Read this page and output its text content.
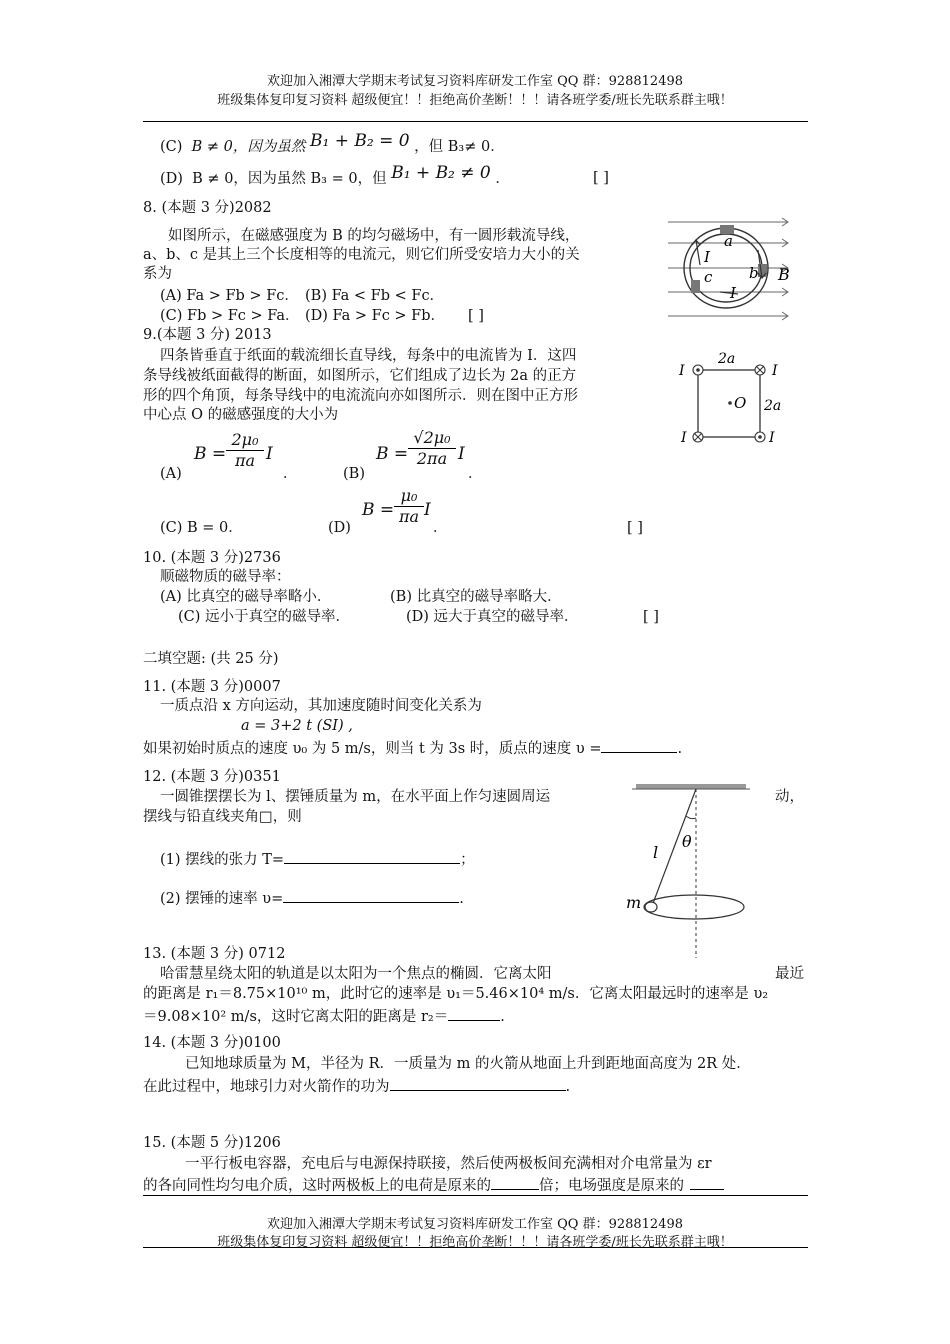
欢迎加入湘潭大学期末考试复习资料库研发工作室 QQ 群：928812498
班级集体复印复习资料 超级便宜！！拒绝高价垄断！！！请各班学委/班长先联系群主哦！
(C) B ≠ 0，因为虽然 B₁ + B₂ = 0 ，但 B₃≠ 0．
(D) B ≠ 0，因为虽然 B₃ = 0，但 B₁ + B₂ ≠ 0 ．	[ ]
8. (本题 3 分)2082
如图所示，在磁感强度为 B 的均匀磁场中，有一圆形载流导线，
a、b、c 是其上三个长度相等的电流元，则它们所受安培力大小的关
系为
(A) Fa > Fb > Fc． (B) Fa < Fb < Fc．
(C) Fb > Fc > Fa． (D) Fa > Fc > Fb． [ ]
a
b
c
I
I
B
9.(本题 3 分) 2013
四条皆垂直于纸面的载流细长直导线，每条中的电流皆为 I．这四
条导线被纸面截得的断面，如图所示，它们组成了边长为 2a 的正方
形的四个角顶，每条导线中的电流流向亦如图所示．则在图中正方形
中心点 O 的磁感强度的大小为
(A)
$B = \frac{\text{2μ₀}}{\pi a}$ I
．	(B)
$B = \frac{\text{√2μ₀}}{2\pi a}$ I
．
(C) B = 0．	(D)
$B = \frac{\text{μ₀}}{\pi a}$ I
．	[ ]
O
2a
2a
I	I
I	I
10. (本题 3 分)2736
顺磁物质的磁导率：
(A) 比真空的磁导率略小．	(B) 比真空的磁导率略大．
(C) 远小于真空的磁导率．	(D) 远大于真空的磁导率．	[ ]
二填空题: (共 25 分)
11. (本题 3 分)0007
一质点沿 x 方向运动，其加速度随时间变化关系为
a = 3+2 t (SI) ,
如果初始时质点的速度 υ₀ 为 5 m/s，则当 t 为 3s 时，质点的速度 υ =	.
12. (本题 3 分)0351
一圆锥摆摆长为 l、摆锤质量为 m，在水平面上作匀速圆周运	动，
摆线与铅直线夹角□，则
(1) 摆线的张力 T=	；
(2) 摆锤的速率 υ=	.
l
θ
m
13. (本题 3 分) 0712
哈雷慧星绕太阳的轨道是以太阳为一个焦点的椭圆．它离太阳	最近
的距离是 r₁＝8.75×10¹⁰ m，此时它的速率是 υ₁＝5.46×10⁴ m/s．它离太阳最远时的速率是 υ₂
＝9.08×10² m/s，这时它离太阳的距离是 r₂＝	.
14. (本题 3 分)0100
已知地球质量为 M，半径为 R．一质量为 m 的火箭从地面上升到距地面高度为 2R 处．
在此过程中，地球引力对火箭作的功为	.
15. (本题 5 分)1206
一平行板电容器，充电后与电源保持联接，然后使两极板间充满相对介电常量为 εr
的各向同性均匀电介质，这时两极板上的电荷是原来的	倍；电场强度是原来的
欢迎加入湘潭大学期末考试复习资料库研发工作室 QQ 群：928812498
班级集体复印复习资料 超级便宜！！拒绝高价垄断！！！请各班学委/班长先联系群主哦！
